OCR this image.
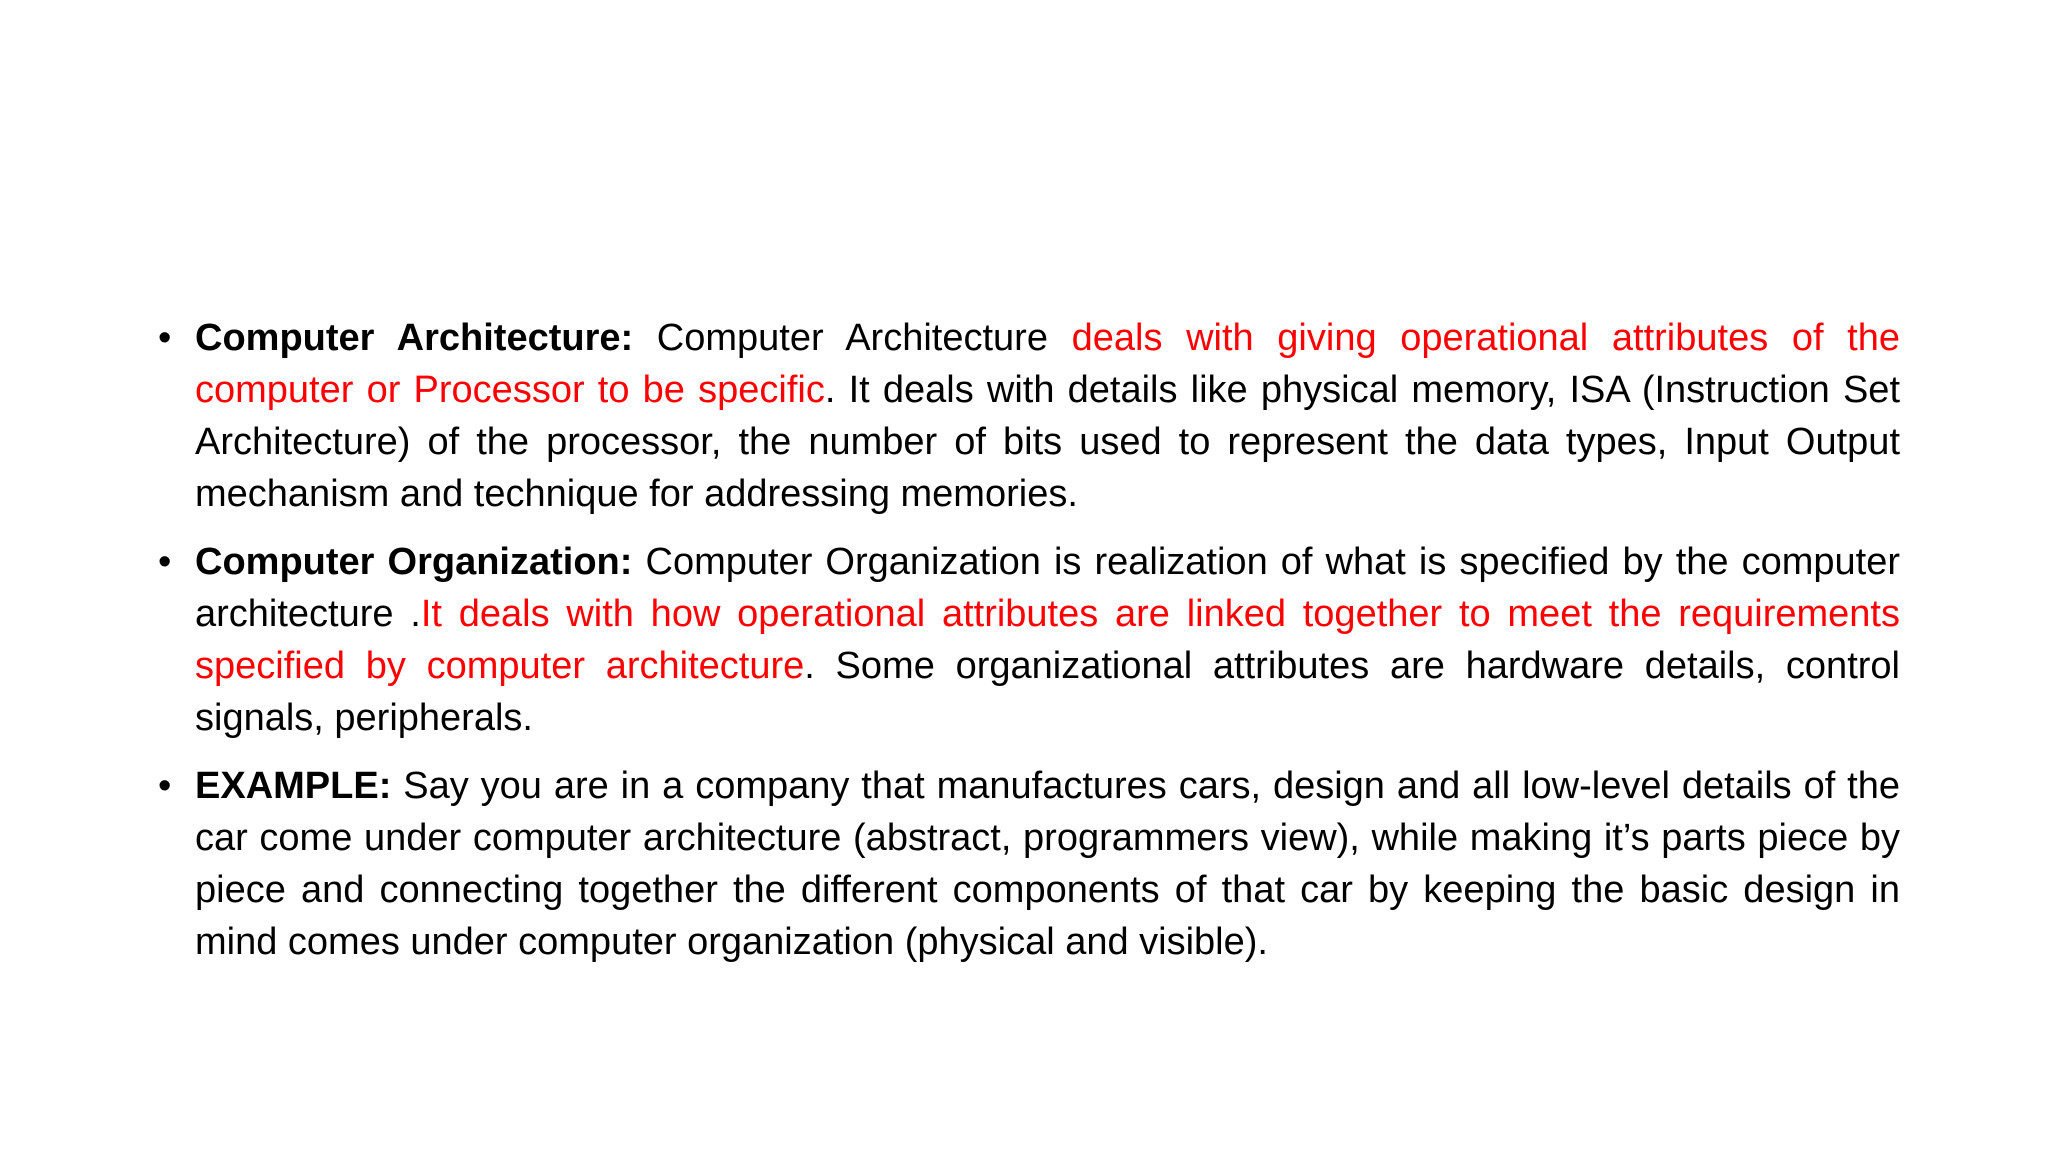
• Computer Architecture: Computer Architecture deals with giving operational attributes of the computer or Processor to be specific. It deals with details like physical memory, ISA (Instruction Set Architecture) of the processor, the number of bits used to represent the data types, Input Output mechanism and technique for addressing memories.
• Computer Organization: Computer Organization is realization of what is specified by the computer architecture .It deals with how operational attributes are linked together to meet the requirements specified by computer architecture. Some organizational attributes are hardware details, control signals, peripherals.
• EXAMPLE: Say you are in a company that manufactures cars, design and all low-level details of the car come under computer architecture (abstract, programmers view), while making it’s parts piece by piece and connecting together the different components of that car by keeping the basic design in mind comes under computer organization (physical and visible).
